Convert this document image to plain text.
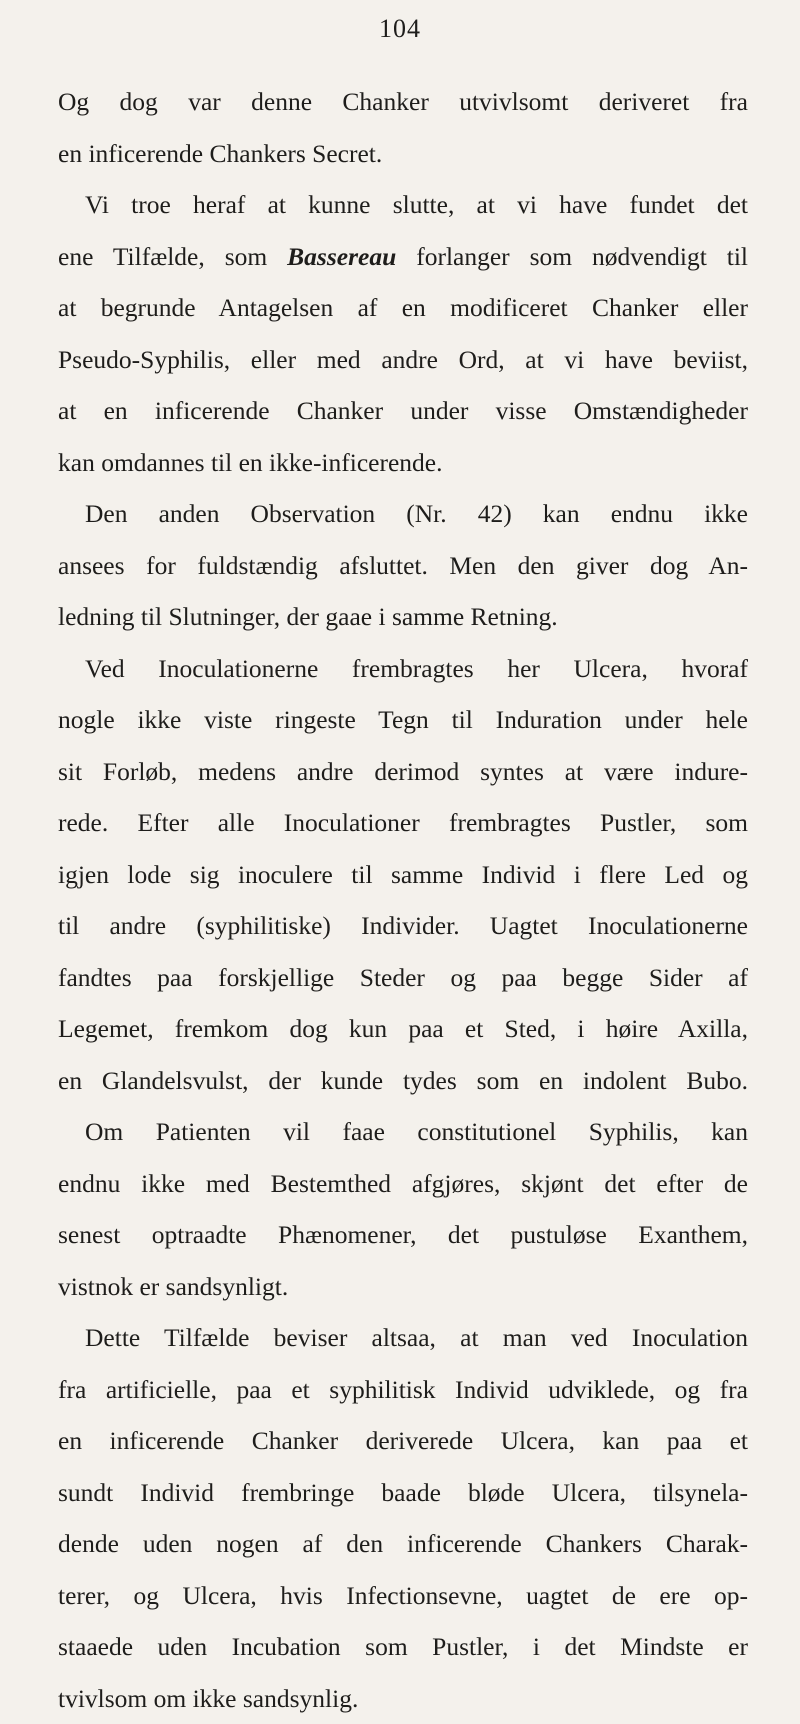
104
Og dog var denne Chanker utvivlsomt deriveret fra
en inficerende Chankers Secret.
Vi troe heraf at kunne slutte, at vi have fundet det
ene Tilfælde, som Bassereau forlanger som nødvendigt til
at begrunde Antagelsen af en modificeret Chanker eller
Pseudo-Syphilis, eller med andre Ord, at vi have beviist,
at en inficerende Chanker under visse Omstændigheder
kan omdannes til en ikke-inficerende.
Den anden Observation (Nr. 42) kan endnu ikke
ansees for fuldstændig afsluttet. Men den giver dog An-
ledning til Slutninger, der gaae i samme Retning.
Ved Inoculationerne frembragtes her Ulcera, hvoraf
nogle ikke viste ringeste Tegn til Induration under hele
sit Forløb, medens andre derimod syntes at være indure-
rede. Efter alle Inoculationer frembragtes Pustler, som
igjen lode sig inoculere til samme Individ i flere Led og
til andre (syphilitiske) Individer. Uagtet Inoculationerne
fandtes paa forskjellige Steder og paa begge Sider af
Legemet, fremkom dog kun paa et Sted, i høire Axilla,
en Glandelsvulst, der kunde tydes som en indolent Bubo.
Om Patienten vil faae constitutionel Syphilis, kan
endnu ikke med Bestemthed afgjøres, skjønt det efter de
senest optraadte Phænomener, det pustuløse Exanthem,
vistnok er sandsynligt.
Dette Tilfælde beviser altsaa, at man ved Inoculation
fra artificielle, paa et syphilitisk Individ udviklede, og fra
en inficerende Chanker deriverede Ulcera, kan paa et
sundt Individ frembringe baade bløde Ulcera, tilsynela-
dende uden nogen af den inficerende Chankers Charak-
terer, og Ulcera, hvis Infectionsevne, uagtet de ere op-
staaede uden Incubation som Pustler, i det Mindste er
tvivlsom om ikke sandsynlig.
